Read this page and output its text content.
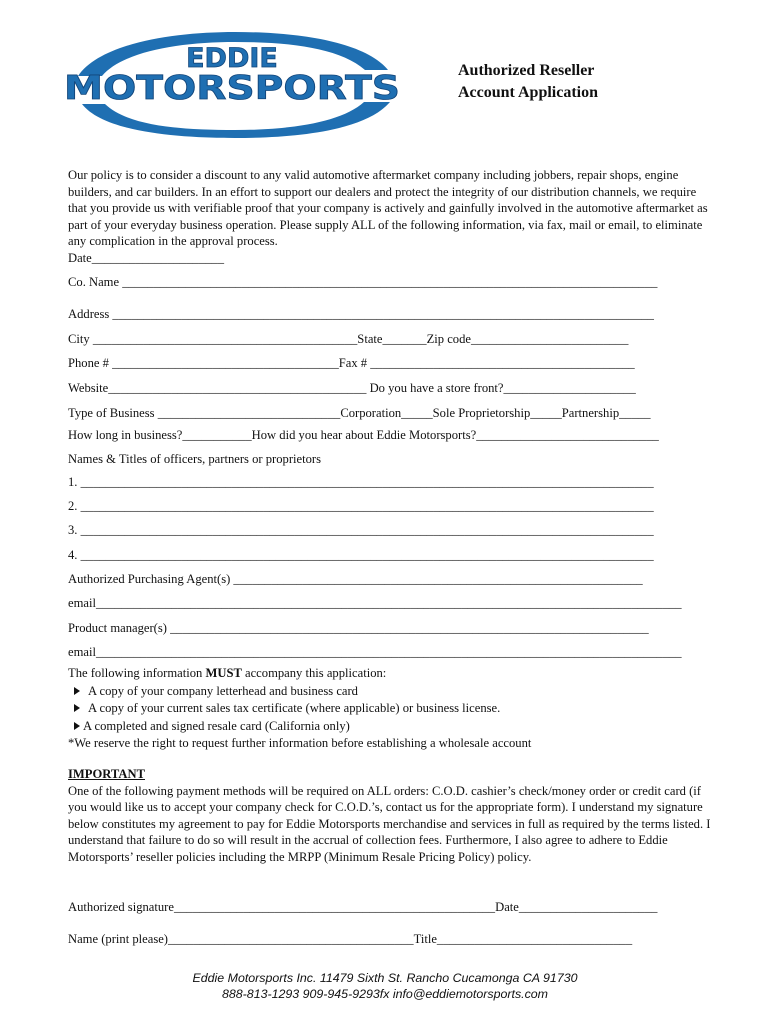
EDDIE
MOTORSPORTS	Authorized Reseller
Account Application
Our policy is to consider a discount to any valid automotive aftermarket company including jobbers, repair shops, engine builders, and car builders. In an effort to support our dealers and protect the integrity of our distribution channels, we require that you provide us with verifiable proof that your company is actively and gainfully involved in the automotive aftermarket as part of your everyday business operation. Please supply ALL of the following information, via fax, mail or email, to eliminate any complication in the approval process.
Date_____________________
Co. Name _____________________________________________________________________________________
Address ______________________________________________________________________________________
City __________________________________________State_______Zip code_________________________
Phone # ____________________________________Fax # __________________________________________
Website_________________________________________ Do you have a store front?_____________________
Type of Business _____________________________Corporation_____Sole Proprietorship_____Partnership_____
How long in business?___________How did you hear about Eddie Motorsports?_____________________________
Names & Titles of officers, partners or proprietors
1. ___________________________________________________________________________________________
2. ___________________________________________________________________________________________
3. ___________________________________________________________________________________________
4. ___________________________________________________________________________________________
Authorized Purchasing Agent(s) _________________________________________________________________
email_____________________________________________________________________________________________
Product manager(s) ____________________________________________________________________________
email_____________________________________________________________________________________________
The following information MUST accompany this application:
A copy of your company letterhead and business card
A copy of your current sales tax certificate (where applicable) or business license.
A completed and signed resale card (California only)
*We reserve the right to request further information before establishing a wholesale account
IMPORTANT
One of the following payment methods will be required on ALL orders: C.O.D. cashier’s check/money order or credit card (if you would like us to accept your company check for C.O.D.’s, contact us for the appropriate form). I understand my signature below constitutes my agreement to pay for Eddie Motorsports merchandise and services in full as required by the terms listed. I understand that failure to do so will result in the accrual of collection fees. Furthermore, I also agree to adhere to Eddie Motorsports’ reseller policies including the MRPP (Minimum Resale Pricing Policy) policy.
Authorized signature___________________________________________________Date______________________
Name (print please)_______________________________________Title_______________________________
Eddie Motorsports Inc. 11479 Sixth St. Rancho Cucamonga CA 91730
888-813-1293 909-945-9293fx info@eddiemotorsports.com
